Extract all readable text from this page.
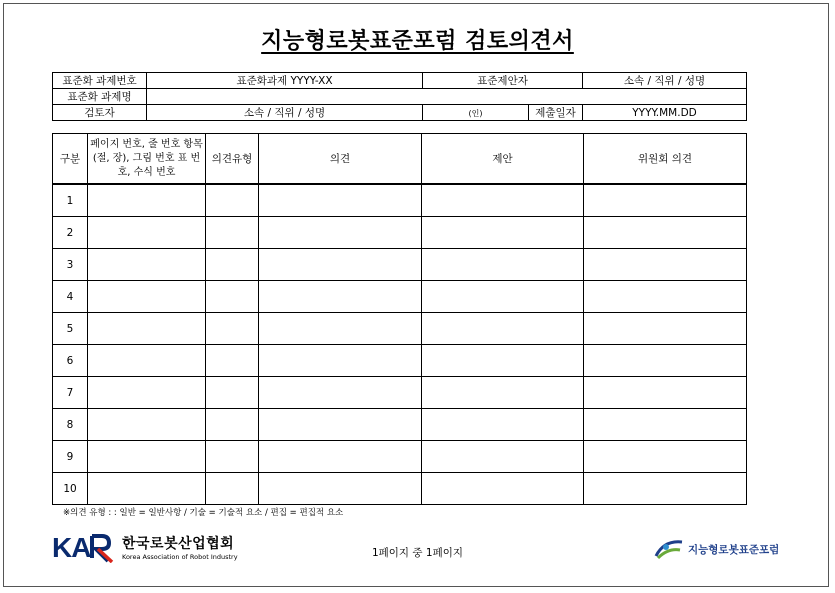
지능형로봇표준포럼 검토의견서
표준화 과제번호	표준화과제 YYYY-XX	표준제안자		소속 / 직위 / 성명
표준화 과제명				
검토자	소속 / 직위 / 성명	(인)	제출일자	YYYY.MM.DD
구분	페이지 번호, 줄 번호 항목(절, 장), 그림 번호 표 번호, 수식 번호	의견유형	의견	제안	위원회 의견
1					
2					
3					
4					
5					
6					
7					
8					
9					
10					
※의견 유형 : : 일반 = 일반사항 / 기술 = 기술적 요소 / 편집 = 편집적 요소
KA 한국로봇산업협회
Korea Association of Robot Industry	1페이지 중 1페이지	지능형로봇표준포럼
